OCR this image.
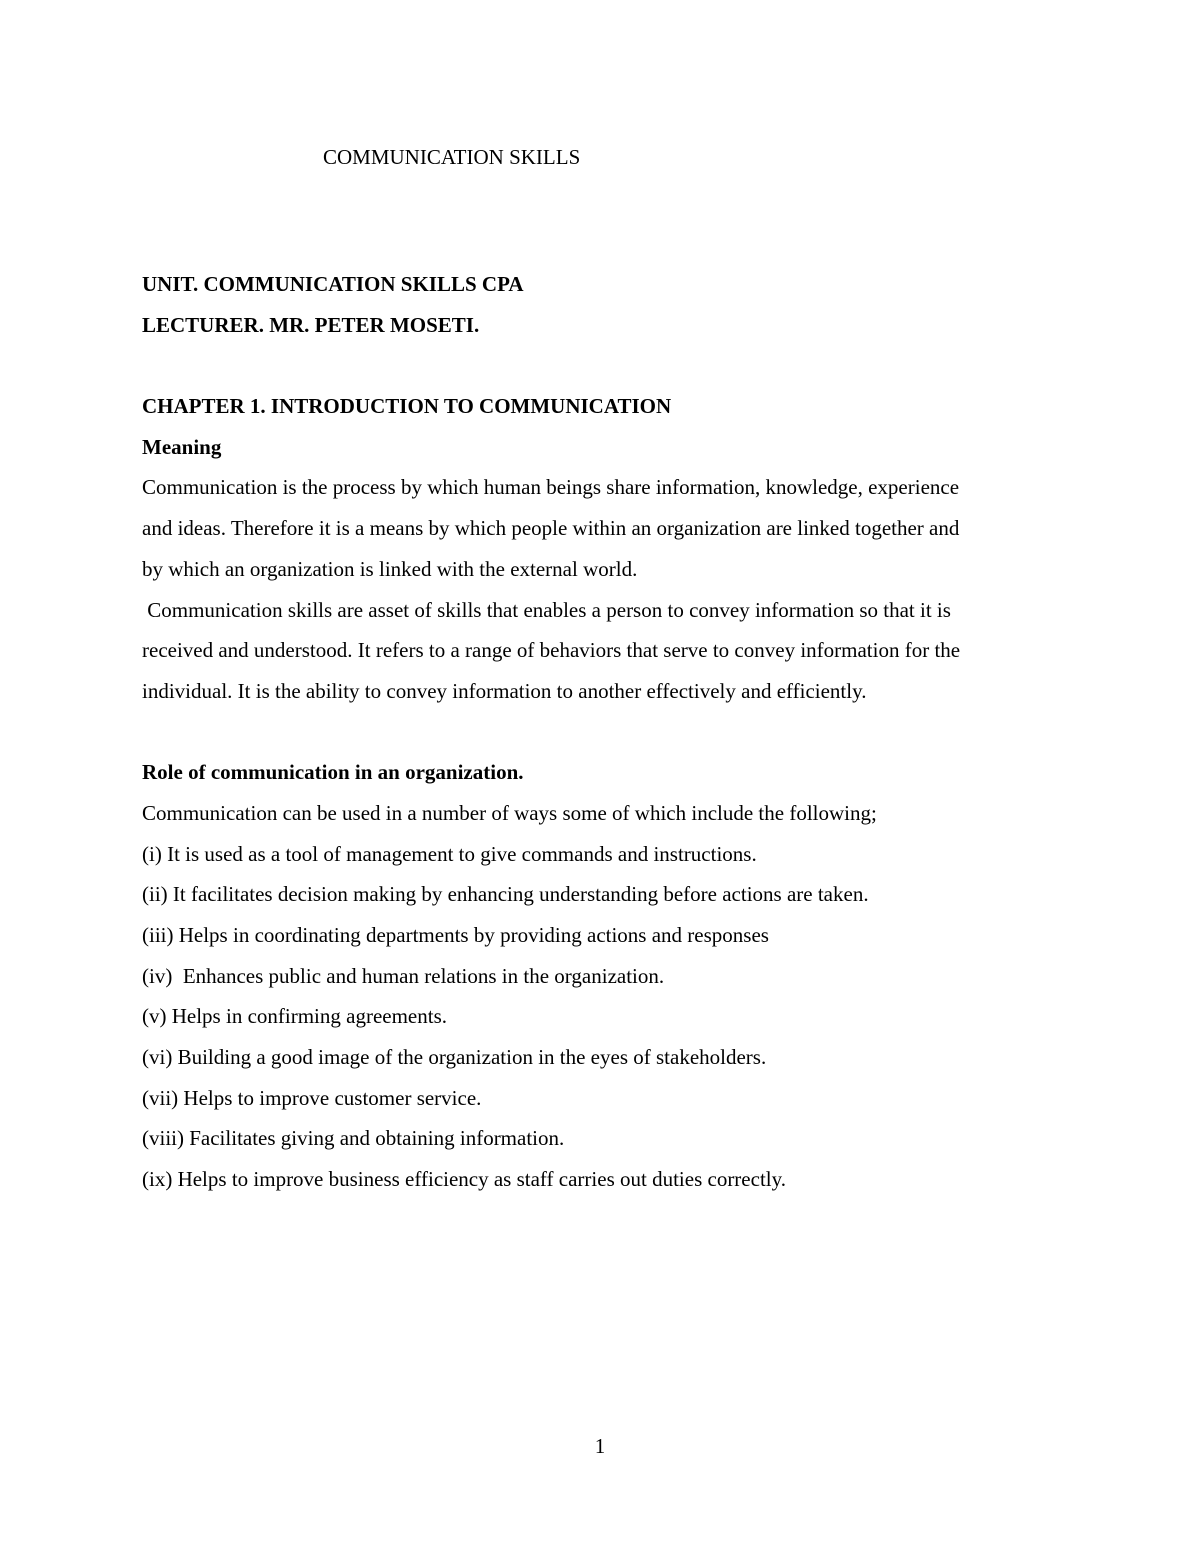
COMMUNICATION SKILLS
UNIT. COMMUNICATION SKILLS CPA
LECTURER. MR. PETER MOSETI.
CHAPTER 1. INTRODUCTION TO COMMUNICATION
Meaning
Communication is the process by which human beings share information, knowledge, experience
and ideas. Therefore it is a means by which people within an organization are linked together and
by which an organization is linked with the external world.
Communication skills are asset of skills that enables a person to convey information so that it is
received and understood. It refers to a range of behaviors that serve to convey information for the
individual. It is the ability to convey information to another effectively and efficiently.
Role of communication in an organization.
Communication can be used in a number of ways some of which include the following;
(i) It is used as a tool of management to give commands and instructions.
(ii) It facilitates decision making by enhancing understanding before actions are taken.
(iii) Helps in coordinating departments by providing actions and responses
(iv)  Enhances public and human relations in the organization.
(v) Helps in confirming agreements.
(vi) Building a good image of the organization in the eyes of stakeholders.
(vii) Helps to improve customer service.
(viii) Facilitates giving and obtaining information.
(ix) Helps to improve business efficiency as staff carries out duties correctly.
1
